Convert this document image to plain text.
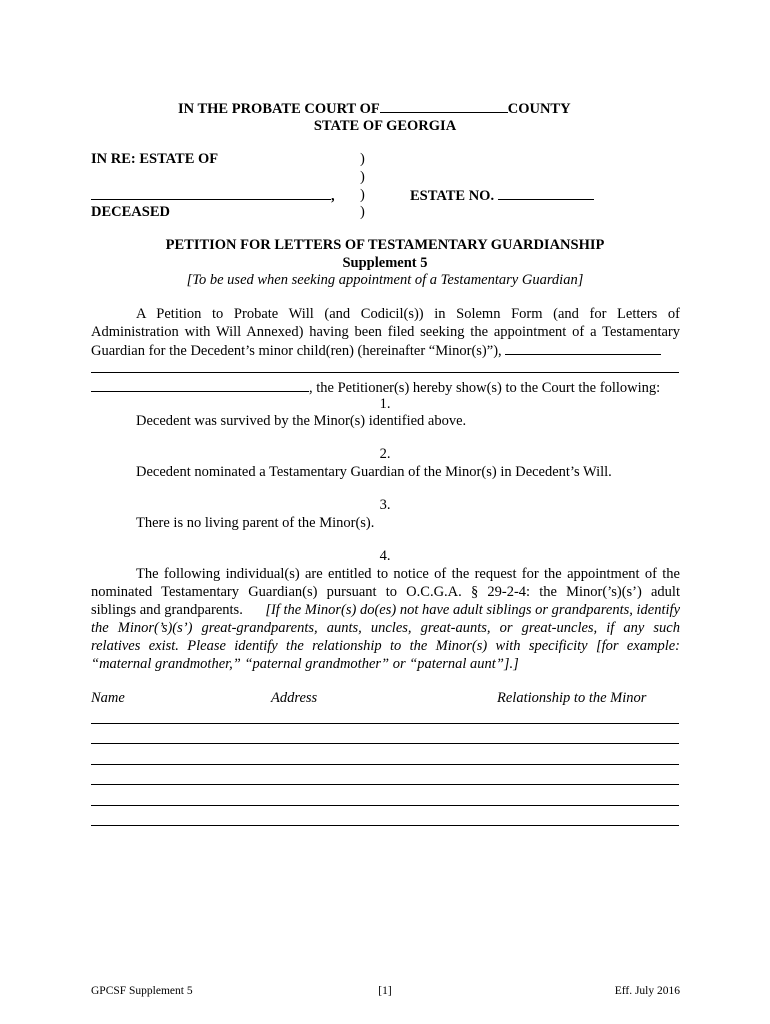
IN THE PROBATE COURT OF	COUNTY
STATE OF GEORGIA
IN RE: ESTATE OF	)
)
, )	ESTATE NO.
DECEASED	)
PETITION FOR LETTERS OF TESTAMENTARY GUARDIANSHIP
Supplement 5
[To be used when seeking appointment of a Testamentary Guardian]
A Petition to Probate Will (and Codicil(s)) in Solemn Form (and for Letters of
Administration with Will Annexed) having been filed seeking the appointment of a Testamentary
Guardian for the Decedent’s minor child(ren) (hereinafter “Minor(s)”),
, the Petitioner(s) hereby show(s) to the Court the following:
1.
Decedent was survived by the Minor(s) identified above.
2.
Decedent nominated a Testamentary Guardian of the Minor(s) in Decedent’s Will.
3.
There is no living parent of the Minor(s).
4.
The following individual(s) are entitled to notice of the request for the appointment of the
nominated Testamentary Guardian(s) pursuant to O.C.G.A. § 29-2-4: the Minor(’s)(s’) adult
siblings and grandparents. [If the Minor(s) do(es) not have adult siblings or grandparents, identify
the Minor(’s)(s’) great-grandparents, aunts, uncles, great-aunts, or great-uncles, if any such
relatives exist. Please identify the relationship to the Minor(s) with specificity [for example:
“maternal grandmother,” “paternal grandmother” or “paternal aunt”].]
Name	Address	Relationship to the Minor
GPCSF Supplement 5	[1]	Eff. July 2016
